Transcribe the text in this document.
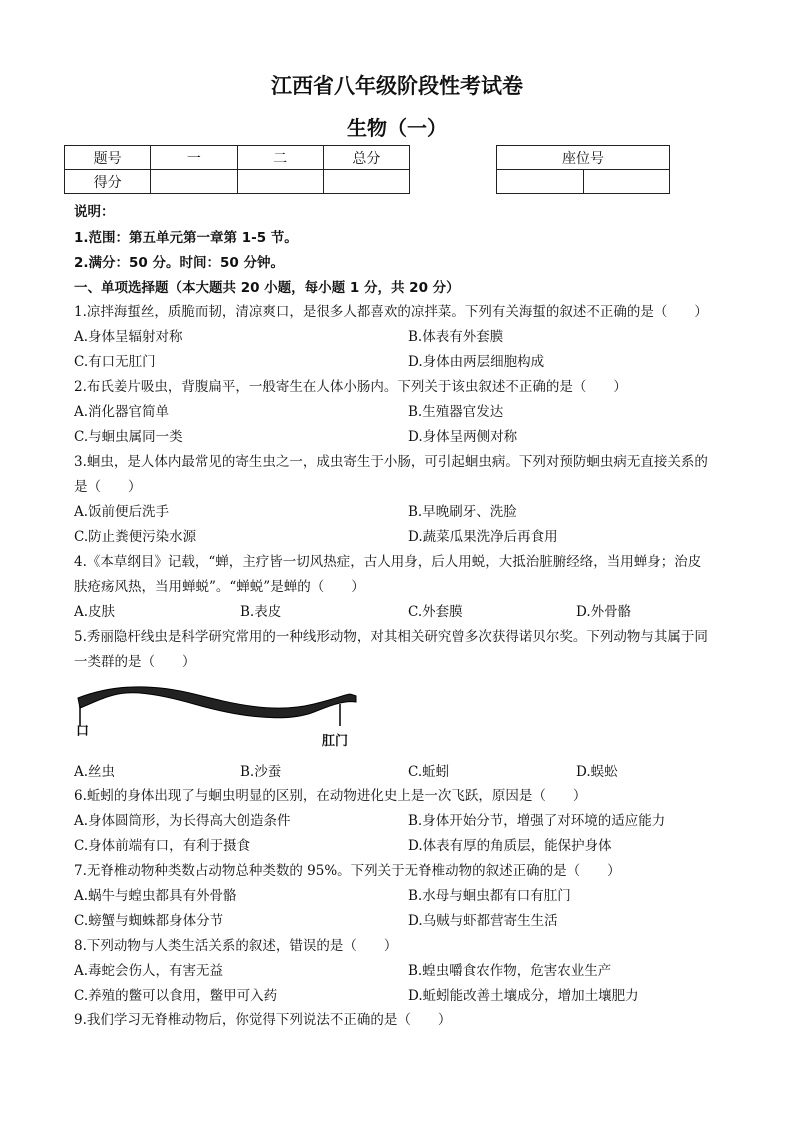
江西省八年级阶段性考试卷
生物（一）
题号	一	二	总分
得分			
座位号

说明：
1.范围：第五单元第一章第 1-5 节。
2.满分：50 分。时间：50 分钟。
一、单项选择题（本大题共 20 小题，每小题 1 分，共 20 分）
1.凉拌海蜇丝，质脆而韧，清凉爽口，是很多人都喜欢的凉拌菜。下列有关海蜇的叙述不正确的是（　　）
A.身体呈辐射对称	B.体表有外套膜
C.有口无肛门	D.身体由两层细胞构成
2.布氏姜片吸虫，背腹扁平，一般寄生在人体小肠内。下列关于该虫叙述不正确的是（　　）
A.消化器官简单	B.生殖器官发达
C.与蛔虫属同一类	D.身体呈两侧对称
3.蛔虫，是人体内最常见的寄生虫之一，成虫寄生于小肠，可引起蛔虫病。下列对预防蛔虫病无直接关系的
是（　　）
A.饭前便后洗手	B.早晚刷牙、洗脸
C.防止粪便污染水源	D.蔬菜瓜果洗净后再食用
4.《本草纲目》记载，“蝉，主疗皆一切风热症，古人用身，后人用蜕，大抵治脏腑经络，当用蝉身；治皮
肤疮疡风热，当用蝉蜕”。“蝉蜕”是蝉的（　　）
A.皮肤	B.表皮	C.外套膜	D.外骨骼
5.秀丽隐杆线虫是科学研究常用的一种线形动物，对其相关研究曾多次获得诺贝尔奖。下列动物与其属于同
一类群的是（　　）
口
肛门
A.丝虫	B.沙蚕	C.蚯蚓	D.蜈蚣
6.蚯蚓的身体出现了与蛔虫明显的区别，在动物进化史上是一次飞跃，原因是（　　）
A.身体圆筒形，为长得高大创造条件	B.身体开始分节，增强了对环境的适应能力
C.身体前端有口，有利于摄食	D.体表有厚的角质层，能保护身体
7.无脊椎动物种类数占动物总种类数的 95%。下列关于无脊椎动物的叙述正确的是（　　）
A.蜗牛与蝗虫都具有外骨骼	B.水母与蛔虫都有口有肛门
C.螃蟹与蜘蛛都身体分节	D.乌贼与虾都营寄生生活
8.下列动物与人类生活关系的叙述，错误的是（　　）
A.毒蛇会伤人，有害无益	B.蝗虫嚼食农作物，危害农业生产
C.养殖的鳖可以食用，鳖甲可入药	D.蚯蚓能改善土壤成分，增加土壤肥力
9.我们学习无脊椎动物后，你觉得下列说法不正确的是（　　）
